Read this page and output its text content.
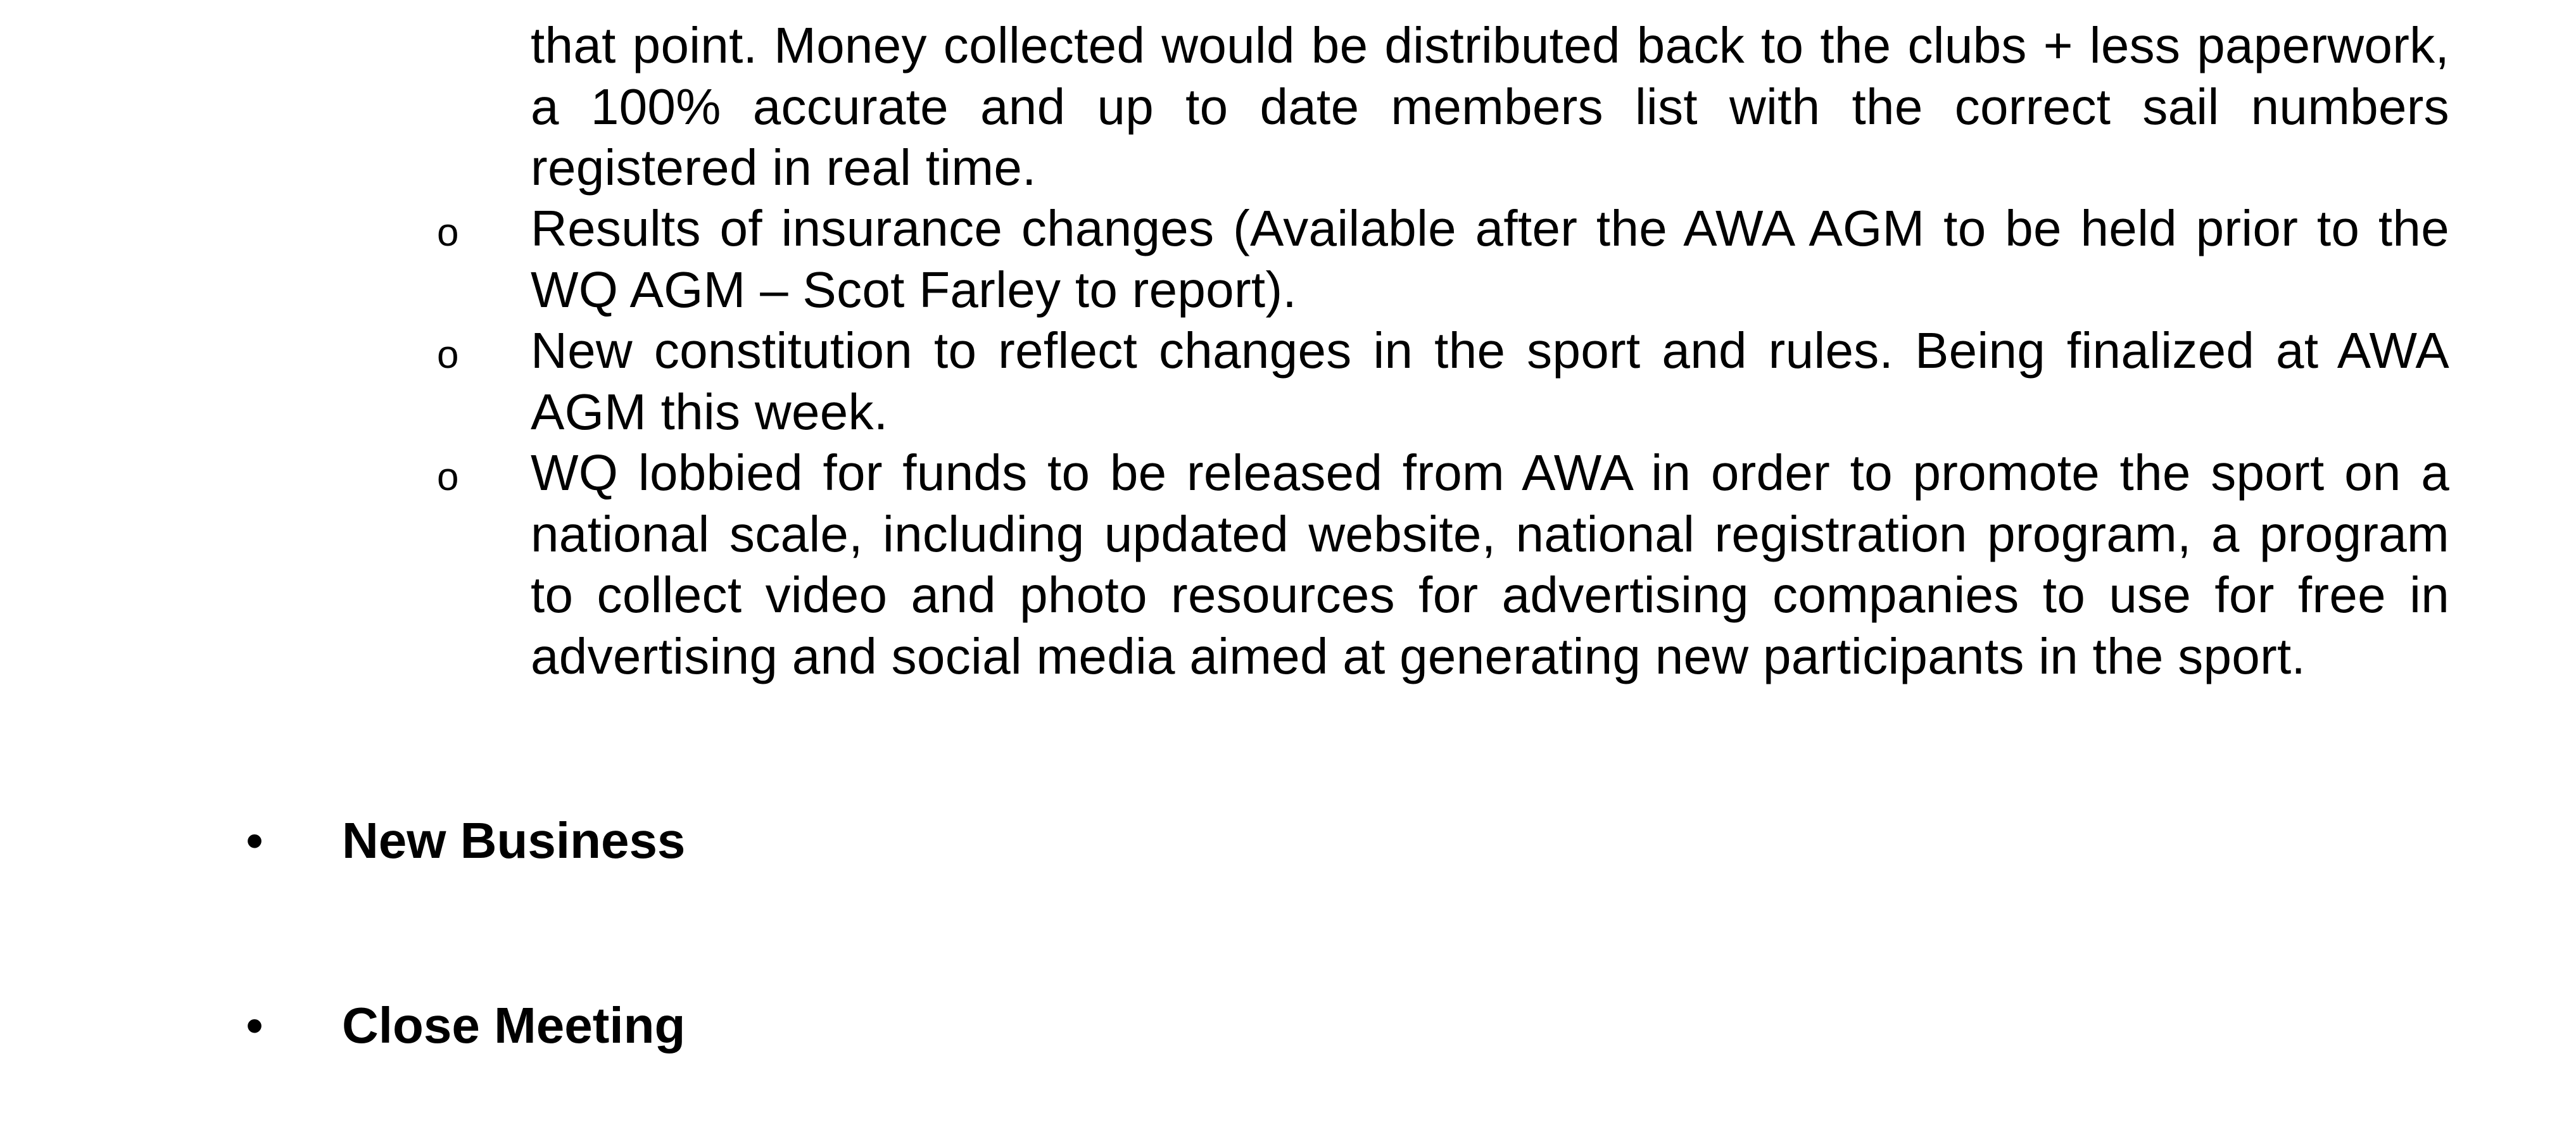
that point. Money collected would be distributed back to the clubs + less paperwork, a 100% accurate and up to date members list with the correct sail numbers registered in real time.
o Results of insurance changes (Available after the AWA AGM to be held prior to the WQ AGM – Scot Farley to report).
o New constitution to reflect changes in the sport and rules. Being finalized at AWA AGM this week.
o WQ lobbied for funds to be released from AWA in order to promote the sport on a national scale, including updated website, national registration program, a program to collect video and photo resources for advertising companies to use for free in advertising and social media aimed at generating new participants in the sport.
• New Business
• Close Meeting
